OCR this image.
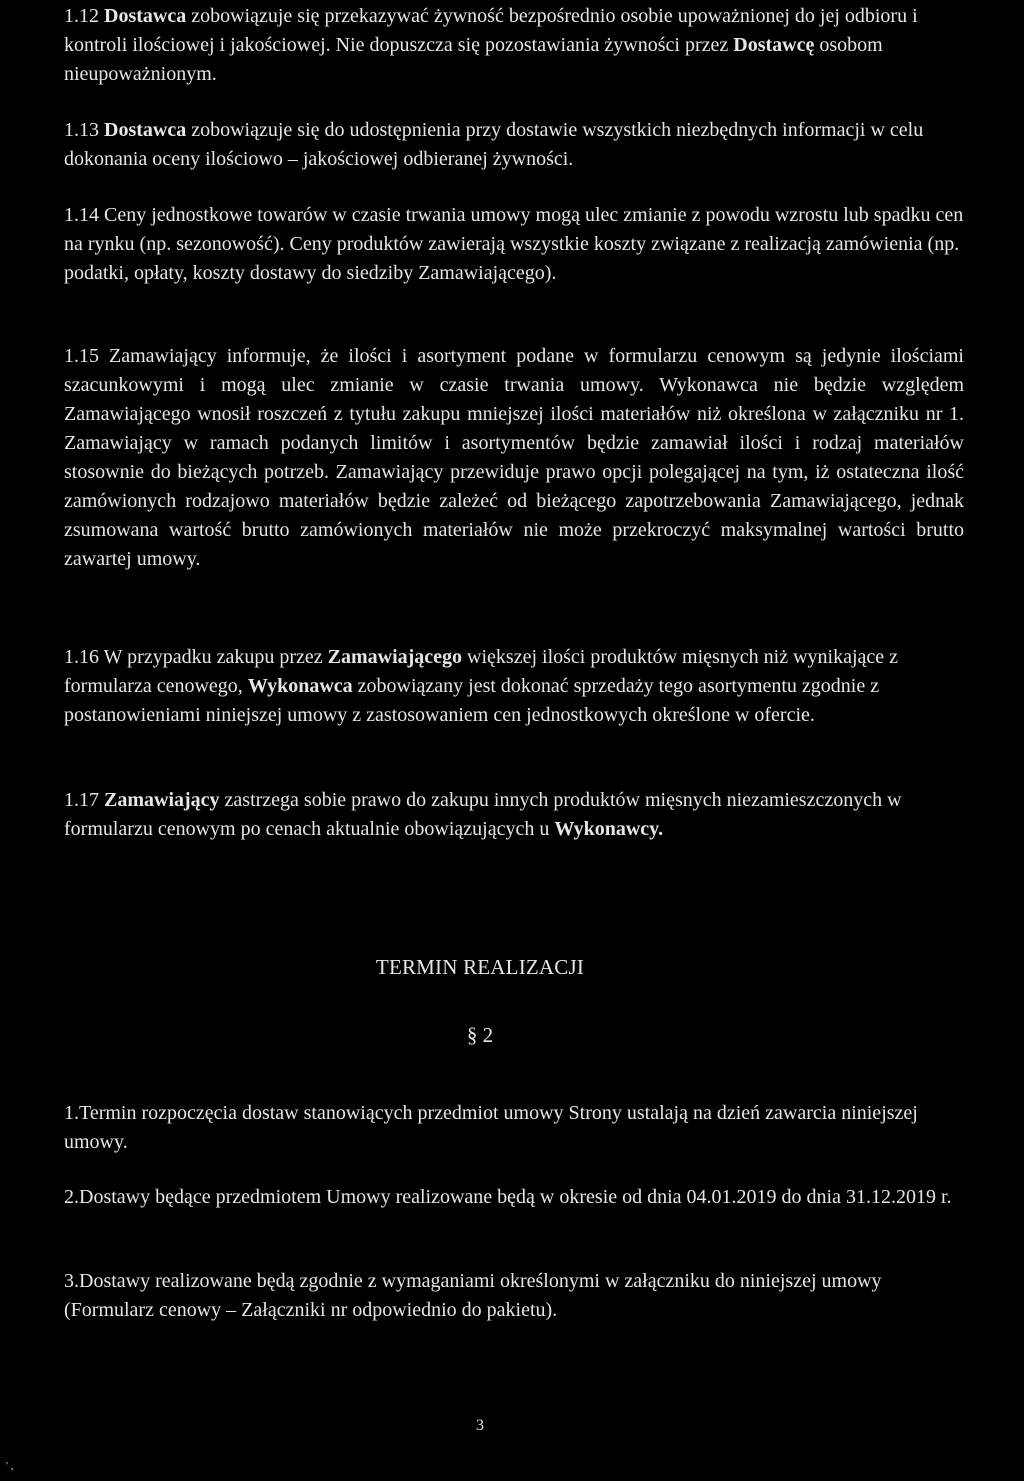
1.12 Dostawca zobowiązuje się przekazywać żywność bezpośrednio osobie upoważnionej do jej odbioru i kontroli ilościowej i jakościowej. Nie dopuszcza się pozostawiania żywności przez Dostawcę osobom nieupoważnionym.

1.13 Dostawca zobowiązuje się do udostępnienia przy dostawie wszystkich niezbędnych informacji w celu dokonania oceny ilościowo – jakościowej odbieranej żywności.

1.14 Ceny jednostkowe towarów w czasie trwania umowy mogą ulec zmianie z powodu wzrostu lub spadku cen na rynku (np. sezonowość). Ceny produktów zawierają wszystkie koszty związane z realizacją zamówienia (np. podatki, opłaty, koszty dostawy do siedziby Zamawiającego).

1.15 Zamawiający informuje, że ilości i asortyment podane w formularzu cenowym są jedynie ilościami szacunkowymi i mogą ulec zmianie w czasie trwania umowy. Wykonawca nie będzie względem Zamawiającego wnosił roszczeń z tytułu zakupu mniejszej ilości materiałów niż określona w załączniku nr 1. Zamawiający w ramach podanych limitów i asortymentów będzie zamawiał ilości i rodzaj materiałów stosownie do bieżących potrzeb. Zamawiający przewiduje prawo opcji polegającej na tym, iż ostateczna ilość zamówionych rodzajowo materiałów będzie zależeć od bieżącego zapotrzebowania Zamawiającego, jednak zsumowana wartość brutto zamówionych materiałów nie może przekroczyć maksymalnej wartości brutto zawartej umowy.

1.16 W przypadku zakupu przez Zamawiającego większej ilości produktów mięsnych niż wynikające z formularza cenowego, Wykonawca zobowiązany jest dokonać sprzedaży tego asortymentu zgodnie z postanowieniami niniejszej umowy z zastosowaniem cen jednostkowych określone w ofercie.

1.17 Zamawiający zastrzega sobie prawo do zakupu innych produktów mięsnych niezamieszczonych w formularzu cenowym po cenach aktualnie obowiązujących u Wykonawcy.

TERMIN REALIZACJI

§ 2

1.Termin rozpoczęcia dostaw stanowiących przedmiot umowy Strony ustalają na dzień zawarcia niniejszej umowy.

2.Dostawy będące przedmiotem Umowy realizowane będą w okresie od dnia 04.01.2019 do dnia 31.12.2019 r.

3.Dostawy realizowane będą zgodnie z wymaganiami określonymi w załączniku do niniejszej umowy (Formularz cenowy – Załączniki nr odpowiednio do pakietu).

3
' ,
